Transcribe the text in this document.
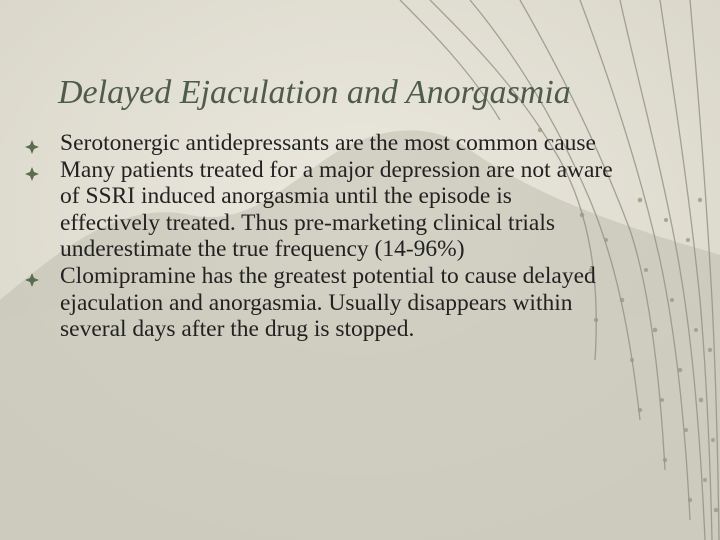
Delayed Ejaculation and Anorgasmia
Serotonergic antidepressants are the most common cause
Many patients treated for a major depression are not aware of SSRI induced anorgasmia until the episode is effectively treated. Thus pre-marketing clinical trials underestimate the true frequency (14-96%)
Clomipramine has the greatest potential to cause delayed ejaculation and anorgasmia. Usually disappears within several days after the drug is stopped.
